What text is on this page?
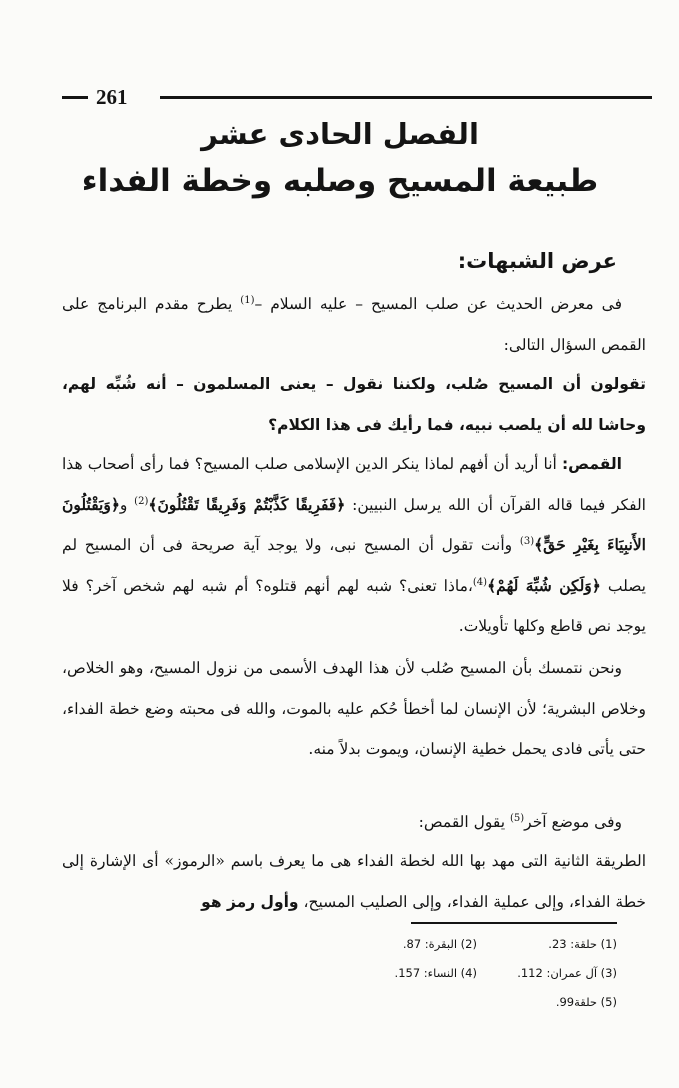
261
الفصل الحادى عشر
طبيعة المسيح وصلبه وخطة الفداء
عرض الشبهات:
فى معرض الحديث عن صلب المسيح – عليه السلام –$^{(1)}$ يطرح مقدم البرنامج على القمص السؤال التالى:
تقولون أن المسيح صُلب، ولكننا نقول – يعنى المسلمون – أنه شُبِّه لهم، وحاشا لله أن يلصب نبيه، فما رأيك فى هذا الكلام؟
القمص: أنا أريد أن أفهم لماذا ينكر الدين الإسلامى صلب المسيح؟ فما رأى أصحاب هذا الفكر فيما قاله القرآن أن الله يرسل النبيين: ﴿فَفَرِيقًا كَذَّبْتُمْ وَفَرِيقًا تَقْتُلُونَ﴾$^{(2)}$ و﴿وَيَقْتُلُونَ الأَنبِيَاءَ بِغَيْرِ حَقٍّ﴾$^{(3)}$ وأنت تقول أن المسيح نبى، ولا يوجد آية صريحة فى أن المسيح لم يصلب ﴿وَلَكِن شُبِّهَ لَهُمْ﴾$^{(4)}$،ماذا تعنى؟ شبه لهم أنهم قتلوه؟ أم شبه لهم شخص آخر؟ فلا يوجد نص قاطع وكلها تأويلات.
ونحن نتمسك بأن المسيح صُلب لأن هذا الهدف الأسمى من نزول المسيح، وهو الخلاص، وخلاص البشرية؛ لأن الإنسان لما أخطأ حُكم عليه بالموت، والله فى محبته وضع خطة الفداء، حتى يأتى فادى يحمل خطية الإنسان، ويموت بدلاً منه.
وفى موضع آخر$^{(5)}$ يقول القمص:
الطريقة الثانية التى مهد بها الله لخطة الفداء هى ما يعرف باسم «الرموز» أى الإشارة إلى خطة الفداء، وإلى عملية الفداء، وإلى الصليب المسيح، وأول رمز هو
(1) حلقة: 23.
(2) البقرة: 87.
(3) آل عمران: 112.
(4) النساء: 157.
(5) حلقة99.
